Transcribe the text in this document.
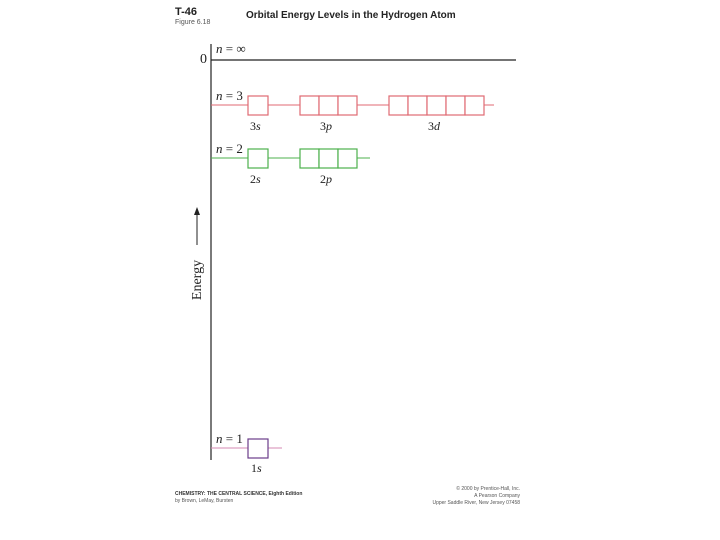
T-46
Figure 6.18
Orbital Energy Levels in the Hydrogen Atom
0
n = ∞
n = 3
n = 2
n = 1
3s	3p	3d
2s	2p
1s
Energy
CHEMISTRY: THE CENTRAL SCIENCE, Eighth Edition
by Brown, LeMay, Bursten
© 2000 by Prentice-Hall, Inc.
A Pearson Company
Upper Saddle River, New Jersey 07458
